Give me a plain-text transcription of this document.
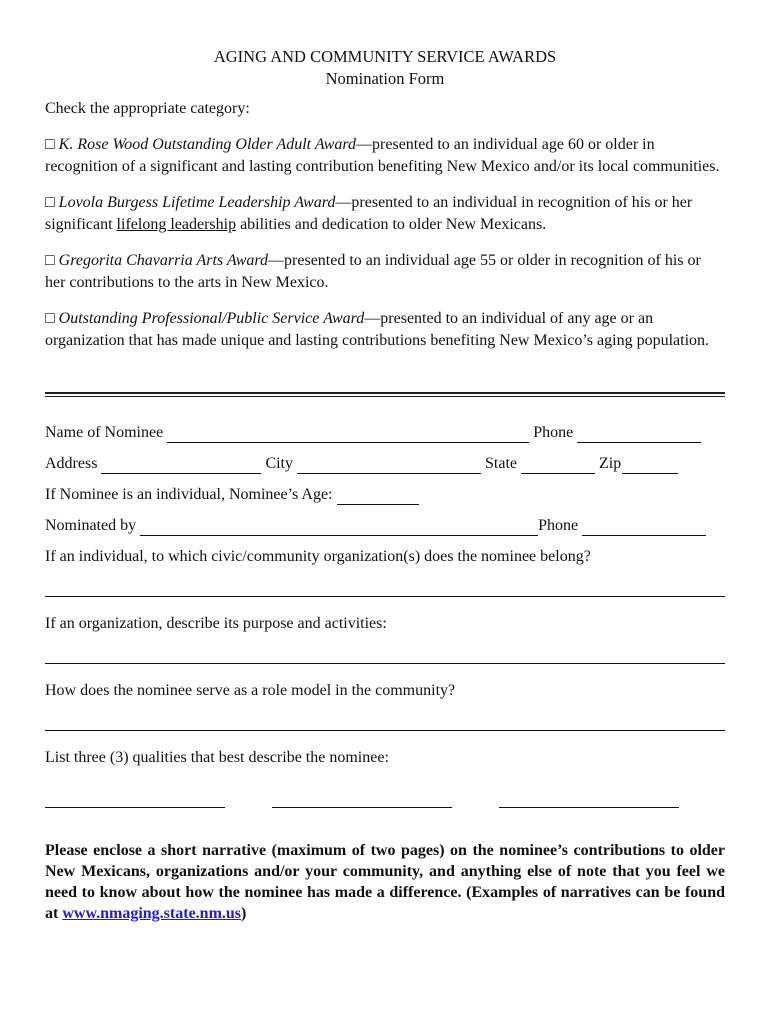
AGING AND COMMUNITY SERVICE AWARDS
Nomination Form
Check the appropriate category:
□ K. Rose Wood Outstanding Older Adult Award—presented to an individual age 60 or older in recognition of a significant and lasting contribution benefiting New Mexico and/or its local communities.
□ Lovola Burgess Lifetime Leadership Award—presented to an individual in recognition of his or her significant lifelong leadership abilities and dedication to older New Mexicans.
□ Gregorita Chavarria Arts Award—presented to an individual age 55 or older in recognition of his or her contributions to the arts in New Mexico.
□ Outstanding Professional/Public Service Award—presented to an individual of any age or an organization that has made unique and lasting contributions benefiting New Mexico’s aging population.
Name of Nominee	Phone
Address	City	State	Zip
If Nominee is an individual, Nominee’s Age:
Nominated by	Phone
If an individual, to which civic/community organization(s) does the nominee belong?
If an organization, describe its purpose and activities:
How does the nominee serve as a role model in the community?
List three (3) qualities that best describe the nominee:
Please enclose a short narrative (maximum of two pages) on the nominee’s contributions to older New Mexicans, organizations and/or your community, and anything else of note that you feel we need to know about how the nominee has made a difference. (Examples of narratives can be found at www.nmaging.state.nm.us)
